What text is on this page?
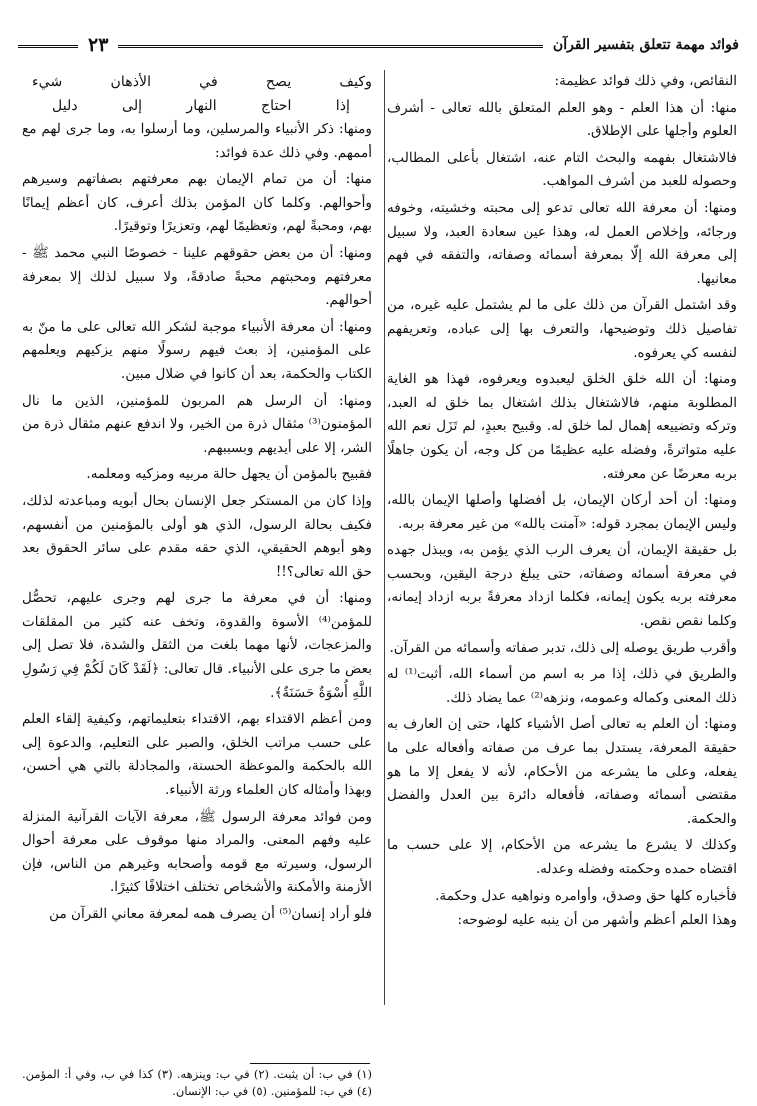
فوائد مهمة تتعلق بتفسير القرآن
٢٣

النقائص، وفي ذلك فوائد عظيمة:

منها: أن هذا العلم - وهو العلم المتعلق بالله تعالى - أشرف العلوم وأجلها على الإطلاق.

فالاشتغال بفهمه والبحث التام عنه، اشتغال بأعلى المطالب، وحصوله للعبد من أشرف المواهب.

ومنها: أن معرفة الله تعالى تدعو إلى محبته وخشيته، وخوفه ورجائه، وإخلاص العمل له، وهذا عين سعادة العبد، ولا سبيل إلى معرفة الله إلّا بمعرفة أسمائه وصفاته، والتفقه في فهم معانيها.

وقد اشتمل القرآن من ذلك على ما لم يشتمل عليه غيره، من تفاصيل ذلك وتوضيحها، والتعرف بها إلى عباده، وتعريفهم لنفسه كي يعرفوه.

ومنها: أن الله خلق الخلق ليعبدوه ويعرفوه، فهذا هو الغاية المطلوبة منهم، فالاشتغال بذلك اشتغال بما خلق له العبد، وتركه وتضييعه إهمال لما خلق له. وقبيح بعبدٍ، لم تَزَل نعم الله عليه متواترةً، وفضله عليه عظيمًا من كل وجه، أن يكون جاهلًا بربه معرضًا عن معرفته.

ومنها: أن أحد أركان الإيمان، بل أفضلها وأصلها الإيمان بالله، وليس الإيمان بمجرد قوله: «آمنت بالله» من غير معرفة بربه.

بل حقيقة الإيمان، أن يعرف الرب الذي يؤمن به، ويبذل جهده في معرفة أسمائه وصفاته، حتى يبلغ درجة اليقين، وبحسب معرفته بربه يكون إيمانه، فكلما ازداد معرفةً بربه ازداد إيمانه، وكلما نقص نقص.

وأقرب طريق يوصله إلى ذلك، تدبر صفاته وأسمائه من القرآن.

والطريق في ذلك، إذا مر به اسم من أسماء الله، أثبت⁽¹⁾ له ذلك المعنى وكماله وعمومه، ونزهه⁽²⁾ عما يضاد ذلك.

ومنها: أن العلم به تعالى أصل الأشياء كلها، حتى إن العارف به حقيقة المعرفة، يستدل بما عرف من صفاته وأفعاله على ما يفعله، وعلى ما يشرعه من الأحكام، لأنه لا يفعل إلا ما هو مقتضى أسمائه وصفاته، فأفعاله دائرة بين العدل والفضل والحكمة.

وكذلك لا يشرع ما يشرعه من الأحكام، إلا على حسب ما اقتضاه حمده وحكمته وفضله وعدله.

فأخباره كلها حق وصدق، وأوامره ونواهيه عدل وحكمة.

وهذا العلم أعظم وأشهر من أن ينبه عليه لوضوحه:

وكيف يصح في الأذهان شيء

إذا احتاج النهار إلى دليل

ومنها: ذكر الأنبياء والمرسلين، وما أرسلوا به، وما جرى لهم مع أممهم. وفي ذلك عدة فوائد:

منها: أن من تمام الإيمان بهم معرفتهم بصفاتهم وسيرهم وأحوالهم. وكلما كان المؤمن بذلك أعرف، كان أعظم إيمانًا بهم، ومحبةً لهم، وتعظيمًا لهم، وتعزيرًا وتوقيرًا.

ومنها: أن من بعض حقوقهم علينا - خصوصًا النبي محمد ﷺ - معرفتهم ومحبتهم محبةً صادقةً، ولا سبيل لذلك إلا بمعرفة أحوالهم.

ومنها: أن معرفة الأنبياء موجبة لشكر الله تعالى على ما منّ به على المؤمنين، إذ بعث فيهم رسولًا منهم يزكيهم ويعلمهم الكتاب والحكمة، بعد أن كانوا في ضلال مبين.

ومنها: أن الرسل هم المربون للمؤمنين، الذين ما نال المؤمنون⁽³⁾ مثقال ذرة من الخير، ولا اندفع عنهم مثقال ذرة من الشر، إلا على أيديهم وبسببهم.

فقبيح بالمؤمن أن يجهل حالة مربيه ومزكيه ومعلمه.

وإذا كان من المستكر جعل الإنسان بحال أبويه ومباعدته لذلك، فكيف بحالة الرسول، الذي هو أولى بالمؤمنين من أنفسهم، وهو أبوهم الحقيقي، الذي حقه مقدم على سائر الحقوق بعد حق الله تعالى؟!!

ومنها: أن في معرفة ما جرى لهم وجرى عليهم، تحصُّل للمؤمن⁽⁴⁾ الأسوة والقدوة، وتخف عنه كثير من المقلقات والمزعجات، لأنها مهما بلغت من الثقل والشدة، فلا تصل إلى بعض ما جرى على الأنبياء. قال تعالى: ﴿لَقَدْ كَانَ لَكُمْ فِي رَسُولِ اللَّهِ أُسْوَةٌ حَسَنَةٌ﴾.

ومن أعظم الاقتداء بهم، الاقتداء بتعليماتهم، وكيفية إلقاء العلم على حسب مراتب الخلق، والصبر على التعليم، والدعوة إلى الله بالحكمة والموعظة الحسنة، والمجادلة بالتي هي أحسن، وبهذا وأمثاله كان العلماء ورثة الأنبياء.

ومن فوائد معرفة الرسول ﷺ، معرفة الآيات القرآنية المنزلة عليه وفهم المعنى. والمراد منها موقوف على معرفة أحوال الرسول، وسيرته مع قومه وأصحابه وغيرهم من الناس، فإن الأزمنة والأمكنة والأشخاص تختلف اختلافًا كثيرًا.

فلو أراد إنسان⁽⁵⁾ أن يصرف همه لمعرفة معاني القرآن من

(١) في ب: أن يثبت. (٢) في ب: وينزهه. (٣) كذا في ب، وفي أ: المؤمن. (٤) في ب: للمؤمنين. (٥) في ب: الإنسان.
